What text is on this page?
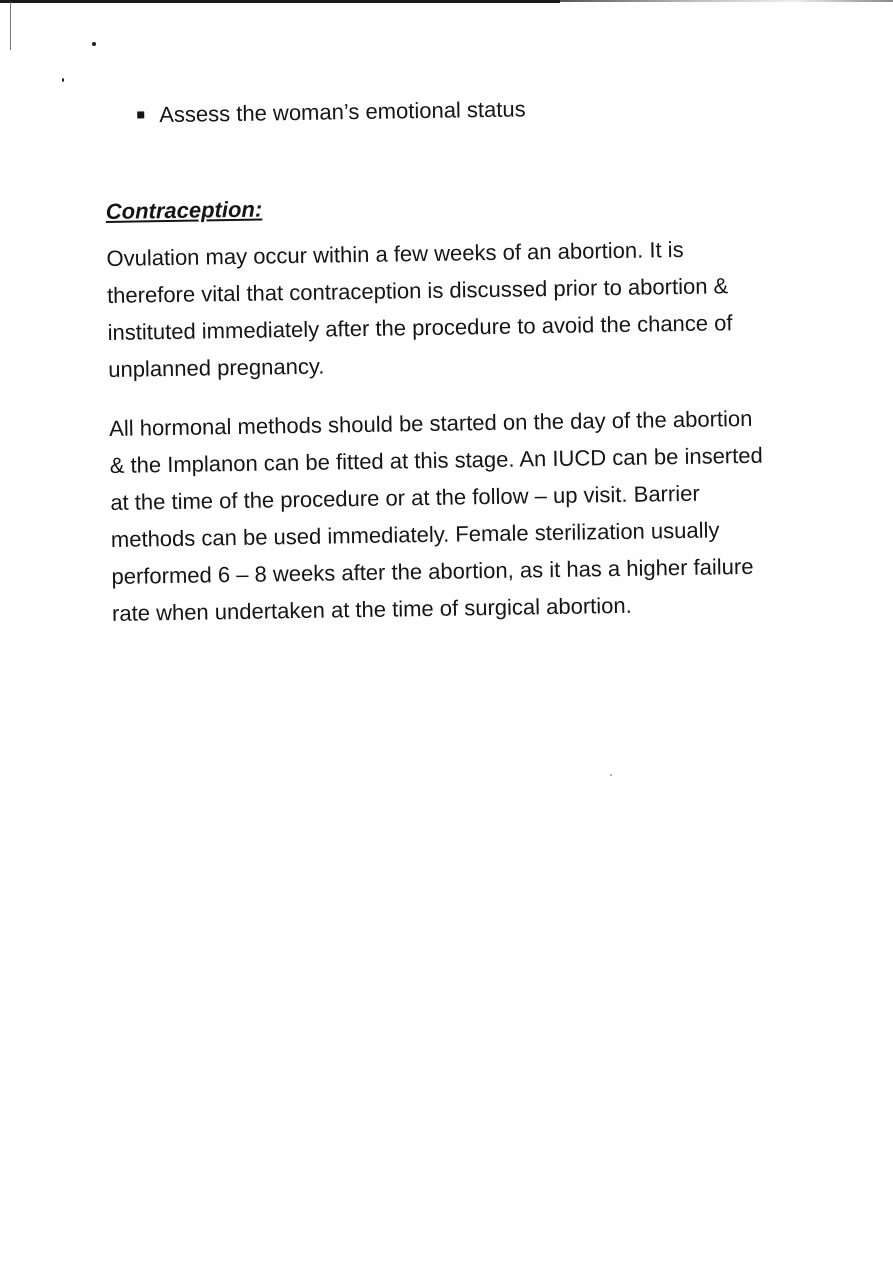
Assess the woman’s emotional status
Contraception:

Ovulation may occur within a few weeks of an abortion. It is therefore vital that contraception is discussed prior to abortion & instituted immediately after the procedure to avoid the chance of unplanned pregnancy.

All hormonal methods should be started on the day of the abortion & the Implanon can be fitted at this stage. An IUCD can be inserted at the time of the procedure or at the follow – up visit. Barrier methods can be used immediately. Female sterilization usually performed 6 – 8 weeks after the abortion, as it has a higher failure rate when undertaken at the time of surgical abortion.
